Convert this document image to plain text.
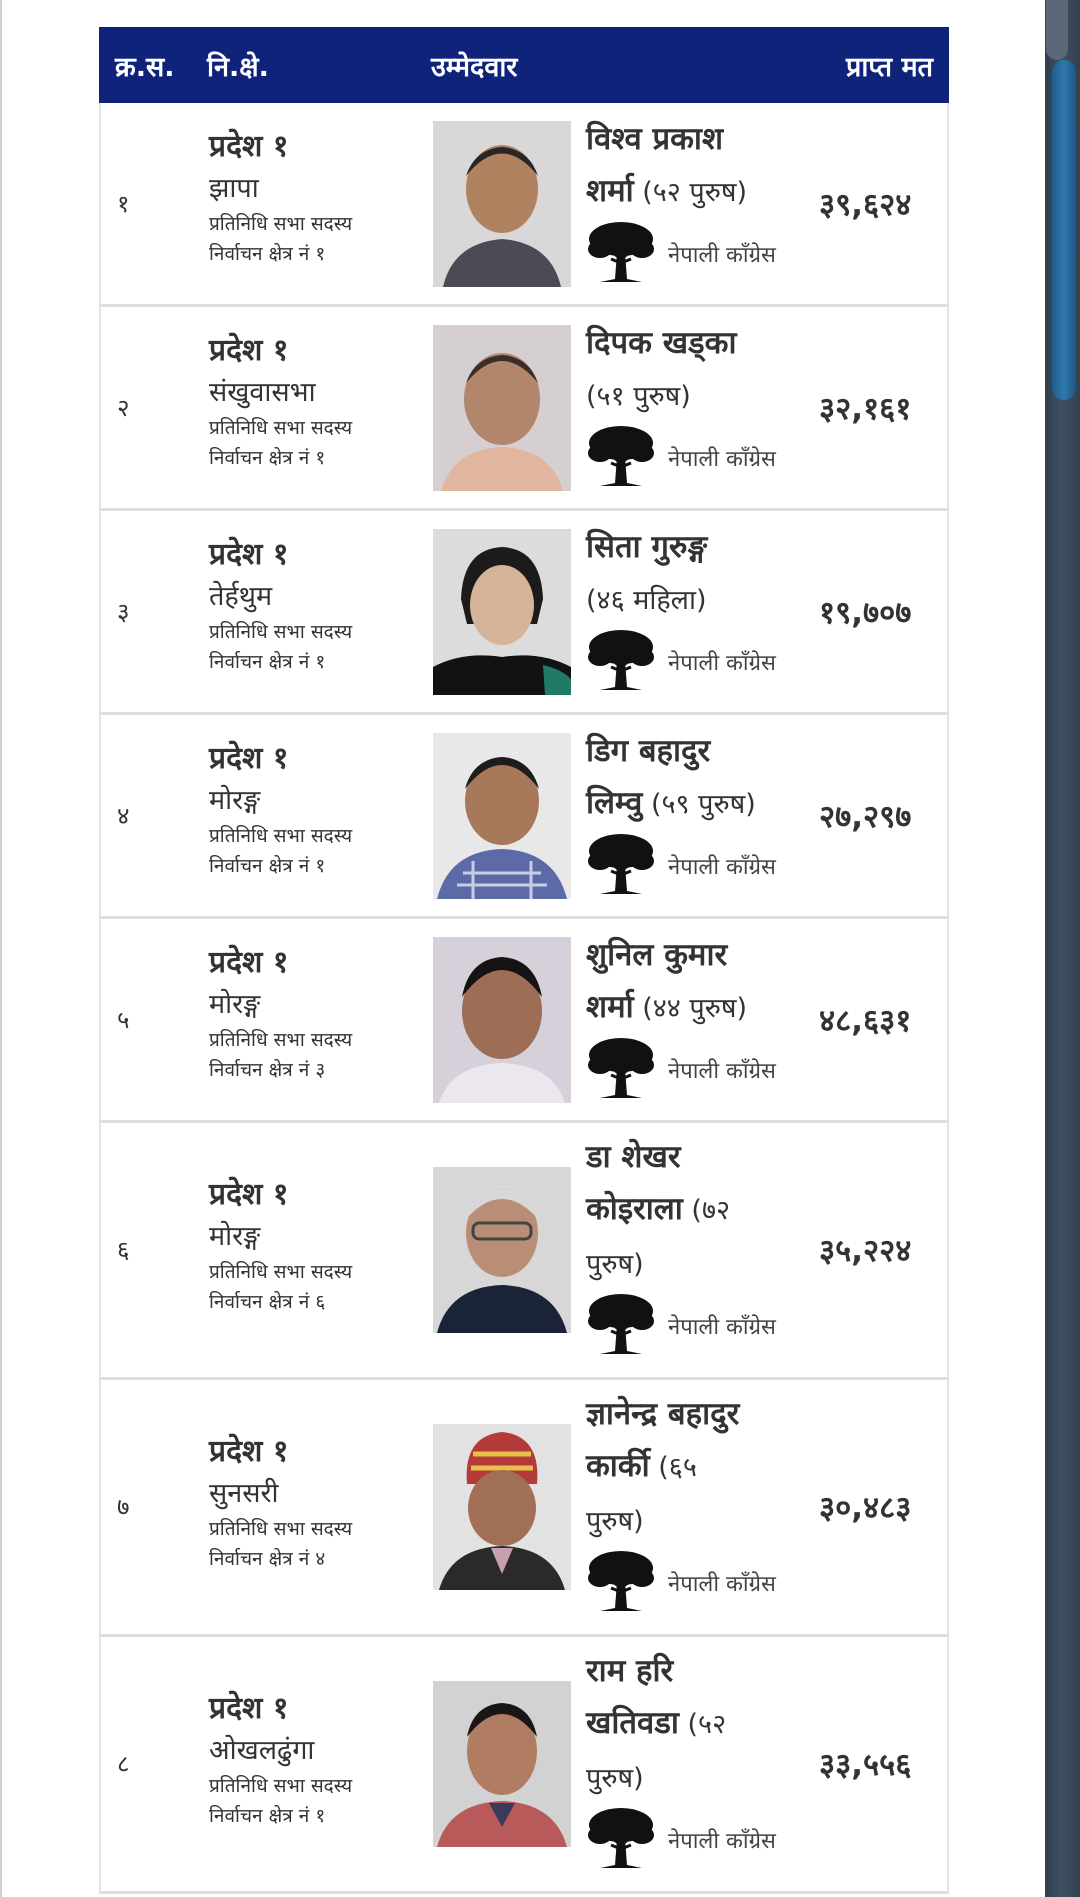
क्र.स. नि.क्षे.	उम्मेदवार	प्राप्त मत
१
प्रदेश १
झापा
प्रतिनिधि सभा सदस्य
निर्वाचन क्षेत्र नं १
विश्व प्रकाश
शर्मा (५२ पुरुष)
नेपाली काँग्रेस
३९,६२४
२
प्रदेश १
संखुवासभा
प्रतिनिधि सभा सदस्य
निर्वाचन क्षेत्र नं १
दिपक खड्का
(५१ पुरुष)
नेपाली काँग्रेस
३२,१६१
३
प्रदेश १
तेर्हथुम
प्रतिनिधि सभा सदस्य
निर्वाचन क्षेत्र नं १
सिता गुरुङ्ग
(४६ महिला)
नेपाली काँग्रेस
१९,७०७
४
प्रदेश १
मोरङ्ग
प्रतिनिधि सभा सदस्य
निर्वाचन क्षेत्र नं १
डिग बहादुर
लिम्वु (५९ पुरुष)
नेपाली काँग्रेस
२७,२९७
५
प्रदेश १
मोरङ्ग
प्रतिनिधि सभा सदस्य
निर्वाचन क्षेत्र नं ३
शुनिल कुमार
शर्मा (४४ पुरुष)
नेपाली काँग्रेस
४८,६३१
६
प्रदेश १
मोरङ्ग
प्रतिनिधि सभा सदस्य
निर्वाचन क्षेत्र नं ६
डा शेखर
कोइराला (७२
पुरुष)
नेपाली काँग्रेस
३५,२२४
७
प्रदेश १
सुनसरी
प्रतिनिधि सभा सदस्य
निर्वाचन क्षेत्र नं ४
ज्ञानेन्द्र बहादुर
कार्की (६५
पुरुष)
नेपाली काँग्रेस
३०,४८३
८
प्रदेश १
ओखलढुंगा
प्रतिनिधि सभा सदस्य
निर्वाचन क्षेत्र नं १
राम हरि
खतिवडा (५२
पुरुष)
नेपाली काँग्रेस
३३,५५६
